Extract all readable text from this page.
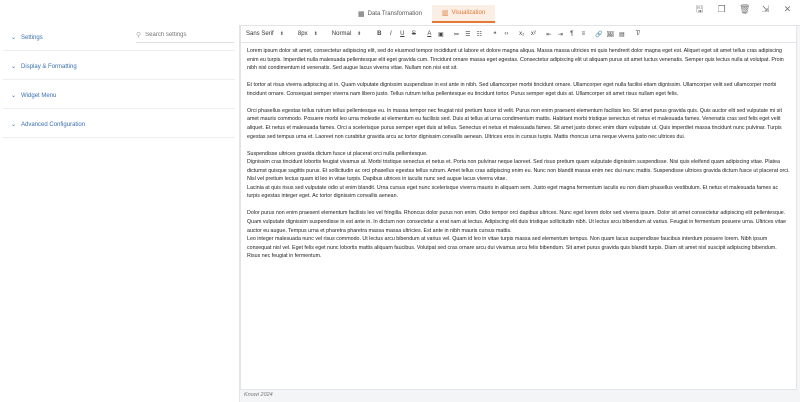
▦ Data Transformation	▥ Visualization	🖫 ❐ 🗑 ⇲ ✕
⚲
Search settings
⌄ Settings
⌄ Display & Formatting
⌄ Widget Menu
⌄ Advanced Configuration
Sans Serif ⬍ 8px ⬍ Normal ⬍	B	I	U	S	A	▣ ≔ ☰ ☷	❝	‹›	x₂ x² ⇤ ⇥	¶	≡	🔗 🖼 ▤	T̸

Lorem ipsum dolor sit amet, consectetur adipiscing elit, sed do eiusmod tempor incididunt ut labore et dolore magna aliqua. Massa massa ultricies mi quis hendrerit dolor magna eget est. Aliquet eget sit amet tellus cras adipiscing enim eu turpis. Imperdiet nulla malesuada pellentesque elit eget gravida cum. Tincidunt ornare massa eget egestas. Consectetur adipiscing elit ut aliquam purus sit amet luctus venenatis. Semper quis lectus nulla at volutpat. Proin nibh nisl condimentum id venenatis. Sed augue lacus viverra vitae. Nullam non nisi est sit.

Et tortor at risus viverra adipiscing at in. Quam vulputate dignissim suspendisse in est ante in nibh. Sed ullamcorper morbi tincidunt ornare. Ullamcorper eget nulla facilisi etiam dignissim. Ullamcorper velit sed ullamcorper morbi tincidunt ornare. Consequat semper viverra nam libero justo. Tellus rutrum tellus pellentesque eu tincidunt tortor. Purus semper eget duis at. Ullamcorper sit amet risus nullam eget felis.

Orci phasellus egestas tellus rutrum tellus pellentesque eu. In massa tempor nec feugiat nisl pretium fusce id velit. Purus non enim praesent elementum facilisis leo. Sit amet purus gravida quis. Quis auctor elit sed vulputate mi sit amet mauris commodo. Posuere morbi leo urna molestie at elementum eu facilisis sed. Duis at tellus at urna condimentum mattis. Habitant morbi tristique senectus et netus et malesuada fames. Venenatis cras sed felis eget velit aliquet. Et netus et malesuada fames. Orci a scelerisque purus semper eget duis at tellus. Senectus et netus et malesuada fames. Sit amet justo donec enim diam vulputate ut. Quis imperdiet massa tincidunt nunc pulvinar. Turpis egestas sed tempus urna et. Laoreet non curabitur gravida arcu ac tortor dignissim convallis aenean. Ultrices eros in cursus turpis. Mattis rhoncus urna neque viverra justo nec ultrices dui.

Suspendisse ultrices gravida dictum fusce ut placerat orci nulla pellentesque.
Dignissim cras tincidunt lobortis feugiat vivamus at. Morbi tristique senectus et netus et. Porta non pulvinar neque laoreet. Sed risus pretium quam vulputate dignissim suspendisse. Nisi quis eleifend quam adipiscing vitae. Platea dictumst quisque sagittis purus. Et sollicitudin ac orci phasellus egestas tellus rutrum. Amet tellus cras adipiscing enim eu. Nunc non blandit massa enim nec dui nunc mattis. Suspendisse ultrices gravida dictum fusce ut placerat orci. Nisl vel pretium lectus quam id leo in vitae turpis. Dapibus ultrices in iaculis nunc sed augue lacus viverra vitae.
Lacinia at quis risus sed vulputate odio ut enim blandit. Urna cursus eget nunc scelerisque viverra mauris in aliquam sem. Justo eget magna fermentum iaculis eu non diam phasellus vestibulum. Et netus et malesuada fames ac turpis egestas integer eget. Ac tortor dignissim convallis aenean.

Dolor purus non enim praesent elementum facilisis leo vel fringilla. Rhoncus dolor purus non enim. Odio tempor orci dapibus ultrices. Nunc eget lorem dolor sed viverra ipsum. Dolor sit amet consectetur adipiscing elit pellentesque. Quam vulputate dignissim suspendisse in est ante in. In dictum non consectetur a erat nam at lectus. Adipiscing elit duis tristique sollicitudin nibh. Ut lectus arcu bibendum at varius. Feugiat in fermentum posuere urna. Ultrices vitae auctor eu augue. Tempus urna et pharetra pharetra massa massa ultricies. Est ante in nibh mauris cursus mattis.
Leo integer malesuada nunc vel risus commodo. Ut lectus arcu bibendum at varius vel. Quam id leo in vitae turpis massa sed elementum tempus. Non quam lacus suspendisse faucibus interdum posuere lorem. Nibh ipsum consequat nisl vel. Eget felis eget nunc lobortis mattis aliquam faucibus. Volutpat sed cras ornare arcu dui vivamus arcu felis bibendum. Sit amet purus gravida quis blandit turpis. Diam sit amet nisl suscipit adipiscing bibendum. Risus nec feugiat in fermentum.

Knowi 2024
